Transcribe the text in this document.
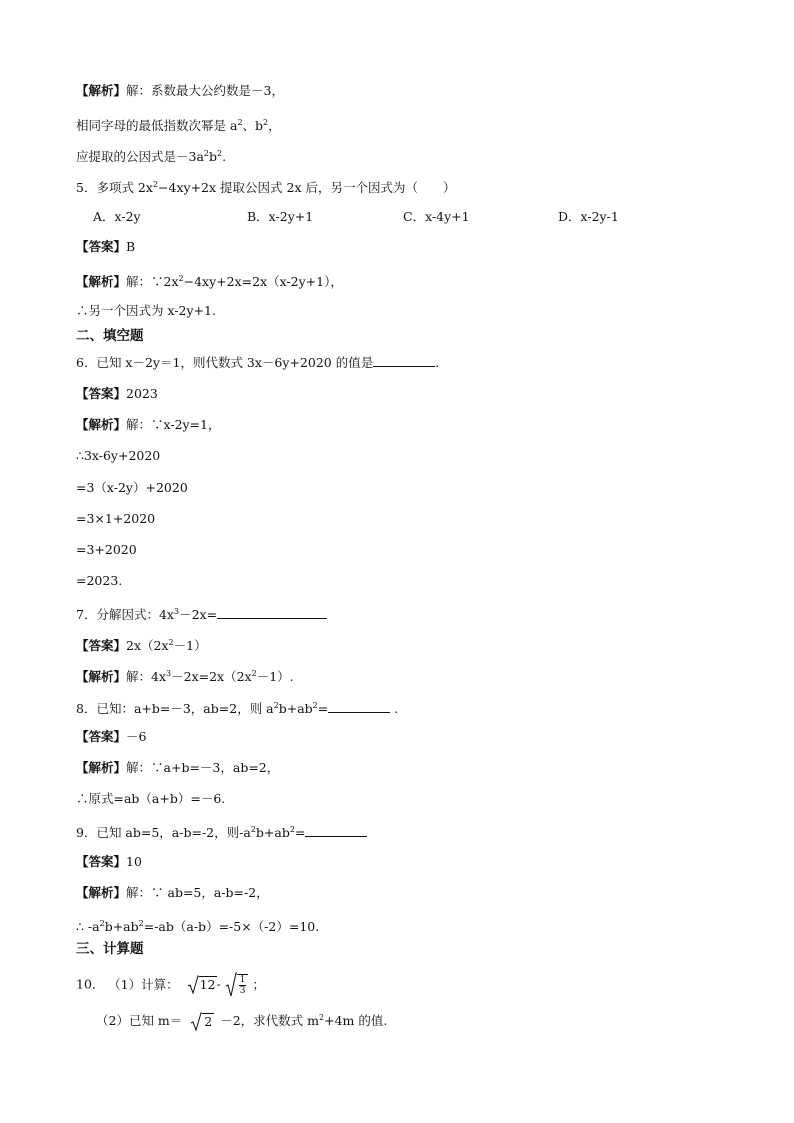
【解析】解：系数最大公约数是－3，
相同字母的最低指数次幂是 $a^2$、$b^2$，
应提取的公因式是$-3a^2b^2$.
5．多项式 $2x^2-4xy+2x$ 提取公因式 2x 后，另一个因式为（　　）
A．x-2y	B．x-2y+1	C．x-4y+1	D．x-2y-1
【答案】B
【解析】解：$\because 2x^2-4xy+2x=2x(x-2y+1)$，
∴另一个因式为 x-2y+1.
二、填空题
6．已知 x－2y＝1，则代数式 3x－6y+2020 的值是	.
【答案】2023
【解析】解：∵x-2y=1，
∴3x-6y+2020
=3（x-2y）+2020
=3×1+2020
=3+2020
=2023.
7．分解因式：$4x^3-2x=$
【答案】$2x(2x^2-1)$
【解析】解：$4x^3-2x=2x(2x^2-1)$.
8．已知：a+b=－3，ab=2，则 $a^2b+ab^2=$	.
【答案】－6
【解析】解：∵a+b=－3，ab=2，
∴原式=ab（a+b）=－6.
9．已知 ab=5，a-b=-2，则$-a^2b+ab^2=$
【答案】10
【解析】解：∵ ab=5，a-b=-2，
∴ $-a^2b+ab^2=-ab(a-b)=-5\times(-2)=10$.
三、计算题
10． （1）计算： $12- \frac{1}{3}$ ；
（2）已知 m＝ 2 －2，求代数式 $m^2+4m$ 的值.
